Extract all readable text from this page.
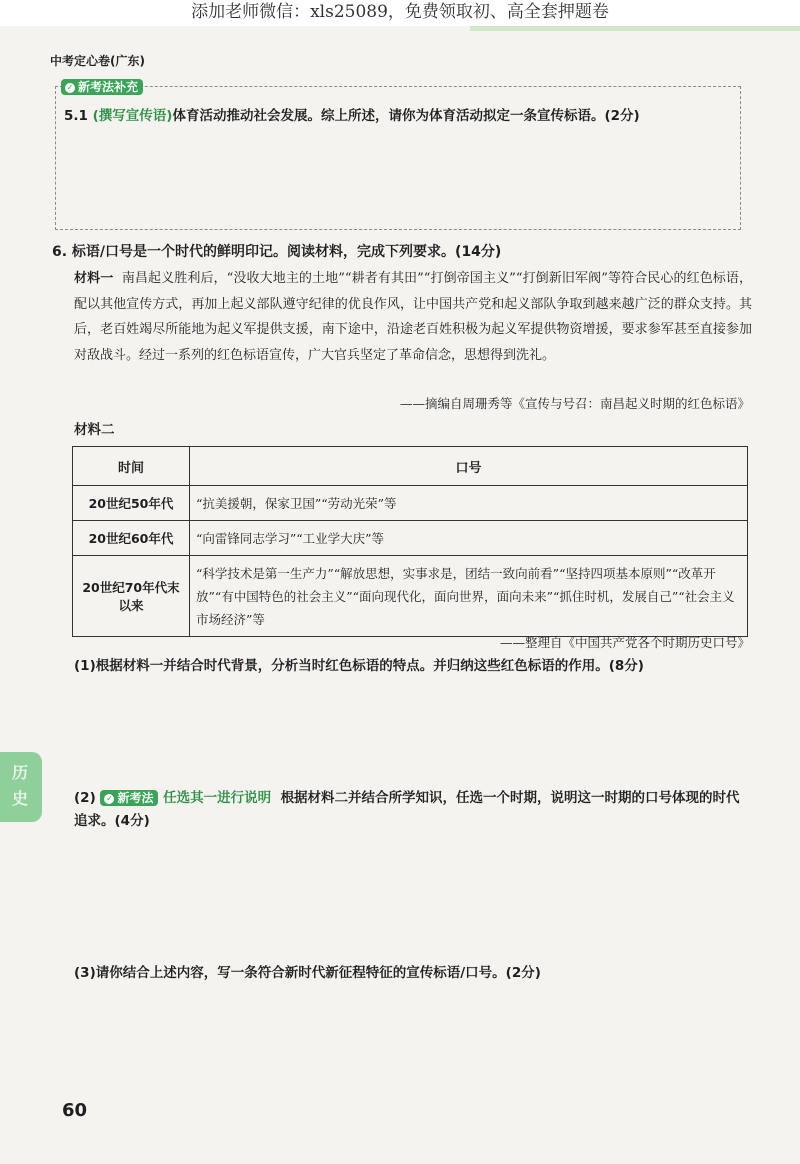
添加老师微信：xls25089，免费领取初、高全套押题卷
中考定心卷(广东)
✓ 新考法补充
5.1 (撰写宣传语)体育活动推动社会发展。综上所述，请你为体育活动拟定一条宣传标语。(2分)
6. 标语/口号是一个时代的鲜明印记。阅读材料，完成下列要求。(14分)
材料一 南昌起义胜利后，“没收大地主的土地”“耕者有其田”“打倒帝国主义”“打倒新旧军阀”等符合民心的红色标语，配以其他宣传方式，再加上起义部队遵守纪律的优良作风，让中国共产党和起义部队争取到越来越广泛的群众支持。其后，老百姓竭尽所能地为起义军提供支援，南下途中，沿途老百姓积极为起义军提供物资增援，要求参军甚至直接参加对敌战斗。经过一系列的红色标语宣传，广大官兵坚定了革命信念，思想得到洗礼。
——摘编自周珊秀等《宣传与号召：南昌起义时期的红色标语》
材料二
时间	口号
20世纪50年代	“抗美援朝，保家卫国”“劳动光荣”等
20世纪60年代	“向雷锋同志学习”“工业学大庆”等
20世纪70年代末以来	“科学技术是第一生产力”“解放思想，实事求是，团结一致向前看”“坚持四项基本原则”“改革开放”“有中国特色的社会主义”“面向现代化，面向世界，面向未来”“抓住时机，发展自己”“社会主义市场经济”等
——整理自《中国共产党各个时期历史口号》
(1)根据材料一并结合时代背景，分析当时红色标语的特点。并归纳这些红色标语的作用。(8分)
历史	(2) ✓ 新考法 任选其一进行说明 根据材料二并结合所学知识，任选一个时期，说明这一时期的口号体现的时代追求。(4分)
(3)请你结合上述内容，写一条符合新时代新征程特征的宣传标语/口号。(2分)
60
